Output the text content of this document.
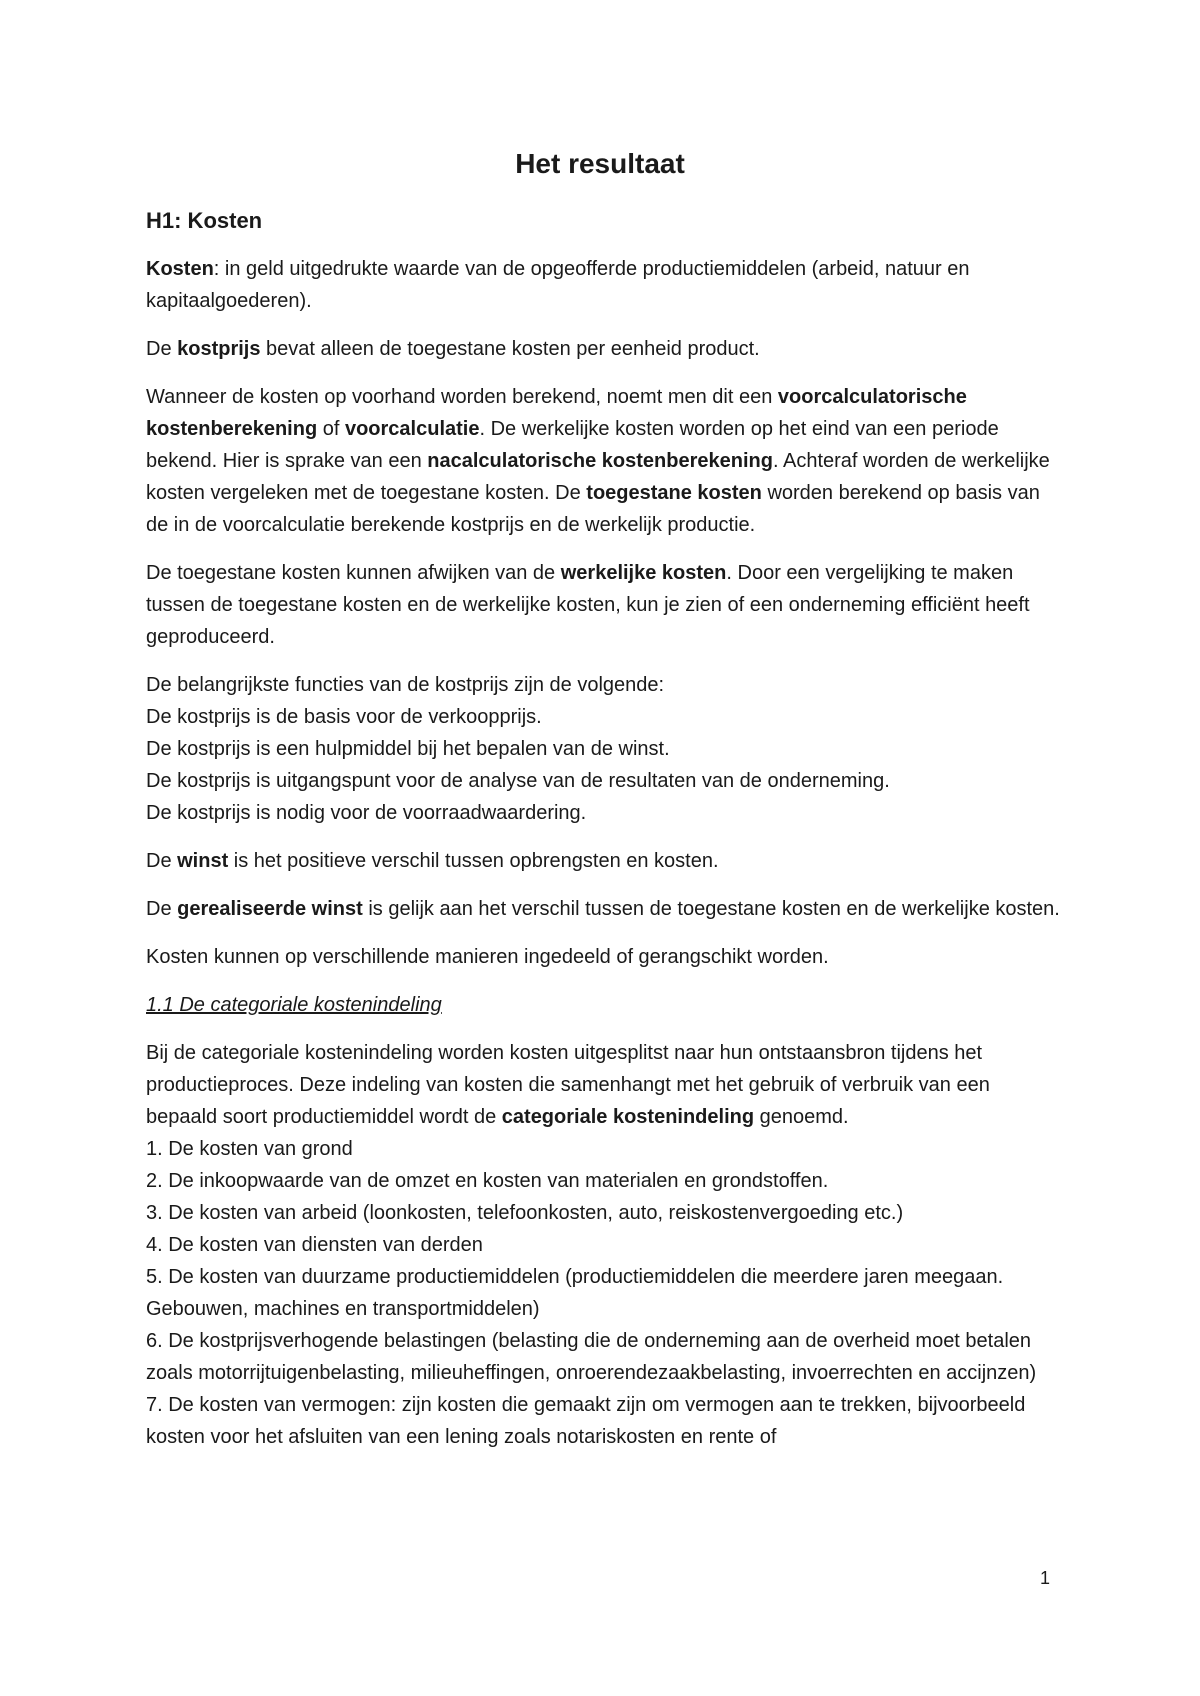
Het resultaat
H1: Kosten

Kosten: in geld uitgedrukte waarde van de opgeofferde productiemiddelen (arbeid, natuur en kapitaalgoederen).

De kostprijs bevat alleen de toegestane kosten per eenheid product.

Wanneer de kosten op voorhand worden berekend, noemt men dit een voorcalculatorische kostenberekening of voorcalculatie. De werkelijke kosten worden op het eind van een periode bekend. Hier is sprake van een nacalculatorische kostenberekening. Achteraf worden de werkelijke kosten vergeleken met de toegestane kosten. De toegestane kosten worden berekend op basis van de in de voorcalculatie berekende kostprijs en de werkelijk productie.

De toegestane kosten kunnen afwijken van de werkelijke kosten. Door een vergelijking te maken tussen de toegestane kosten en de werkelijke kosten, kun je zien of een onderneming efficiënt heeft geproduceerd.

De belangrijkste functies van de kostprijs zijn de volgende:
De kostprijs is de basis voor de verkoopprijs.
De kostprijs is een hulpmiddel bij het bepalen van de winst.
De kostprijs is uitgangspunt voor de analyse van de resultaten van de onderneming.
De kostprijs is nodig voor de voorraadwaardering.

De winst is het positieve verschil tussen opbrengsten en kosten.

De gerealiseerde winst is gelijk aan het verschil tussen de toegestane kosten en de werkelijke kosten.

Kosten kunnen op verschillende manieren ingedeeld of gerangschikt worden.

1.1 De categoriale kostenindeling

Bij de categoriale kostenindeling worden kosten uitgesplitst naar hun ontstaansbron tijdens het productieproces. Deze indeling van kosten die samenhangt met het gebruik of verbruik van een bepaald soort productiemiddel wordt de categoriale kostenindeling genoemd.

1. De kosten van grond
2. De inkoopwaarde van de omzet en kosten van materialen en grondstoffen.
3. De kosten van arbeid (loonkosten, telefoonkosten, auto, reiskostenvergoeding etc.)
4. De kosten van diensten van derden
5. De kosten van duurzame productiemiddelen (productiemiddelen die meerdere jaren meegaan. Gebouwen, machines en transportmiddelen)
6. De kostprijsverhogende belastingen (belasting die de onderneming aan de overheid moet betalen zoals motorrijtuigenbelasting, milieuheffingen, onroerendezaakbelasting, invoerrechten en accijnzen)
7. De kosten van vermogen: zijn kosten die gemaakt zijn om vermogen aan te trekken, bijvoorbeeld kosten voor het afsluiten van een lening zoals notariskosten en rente of
1
